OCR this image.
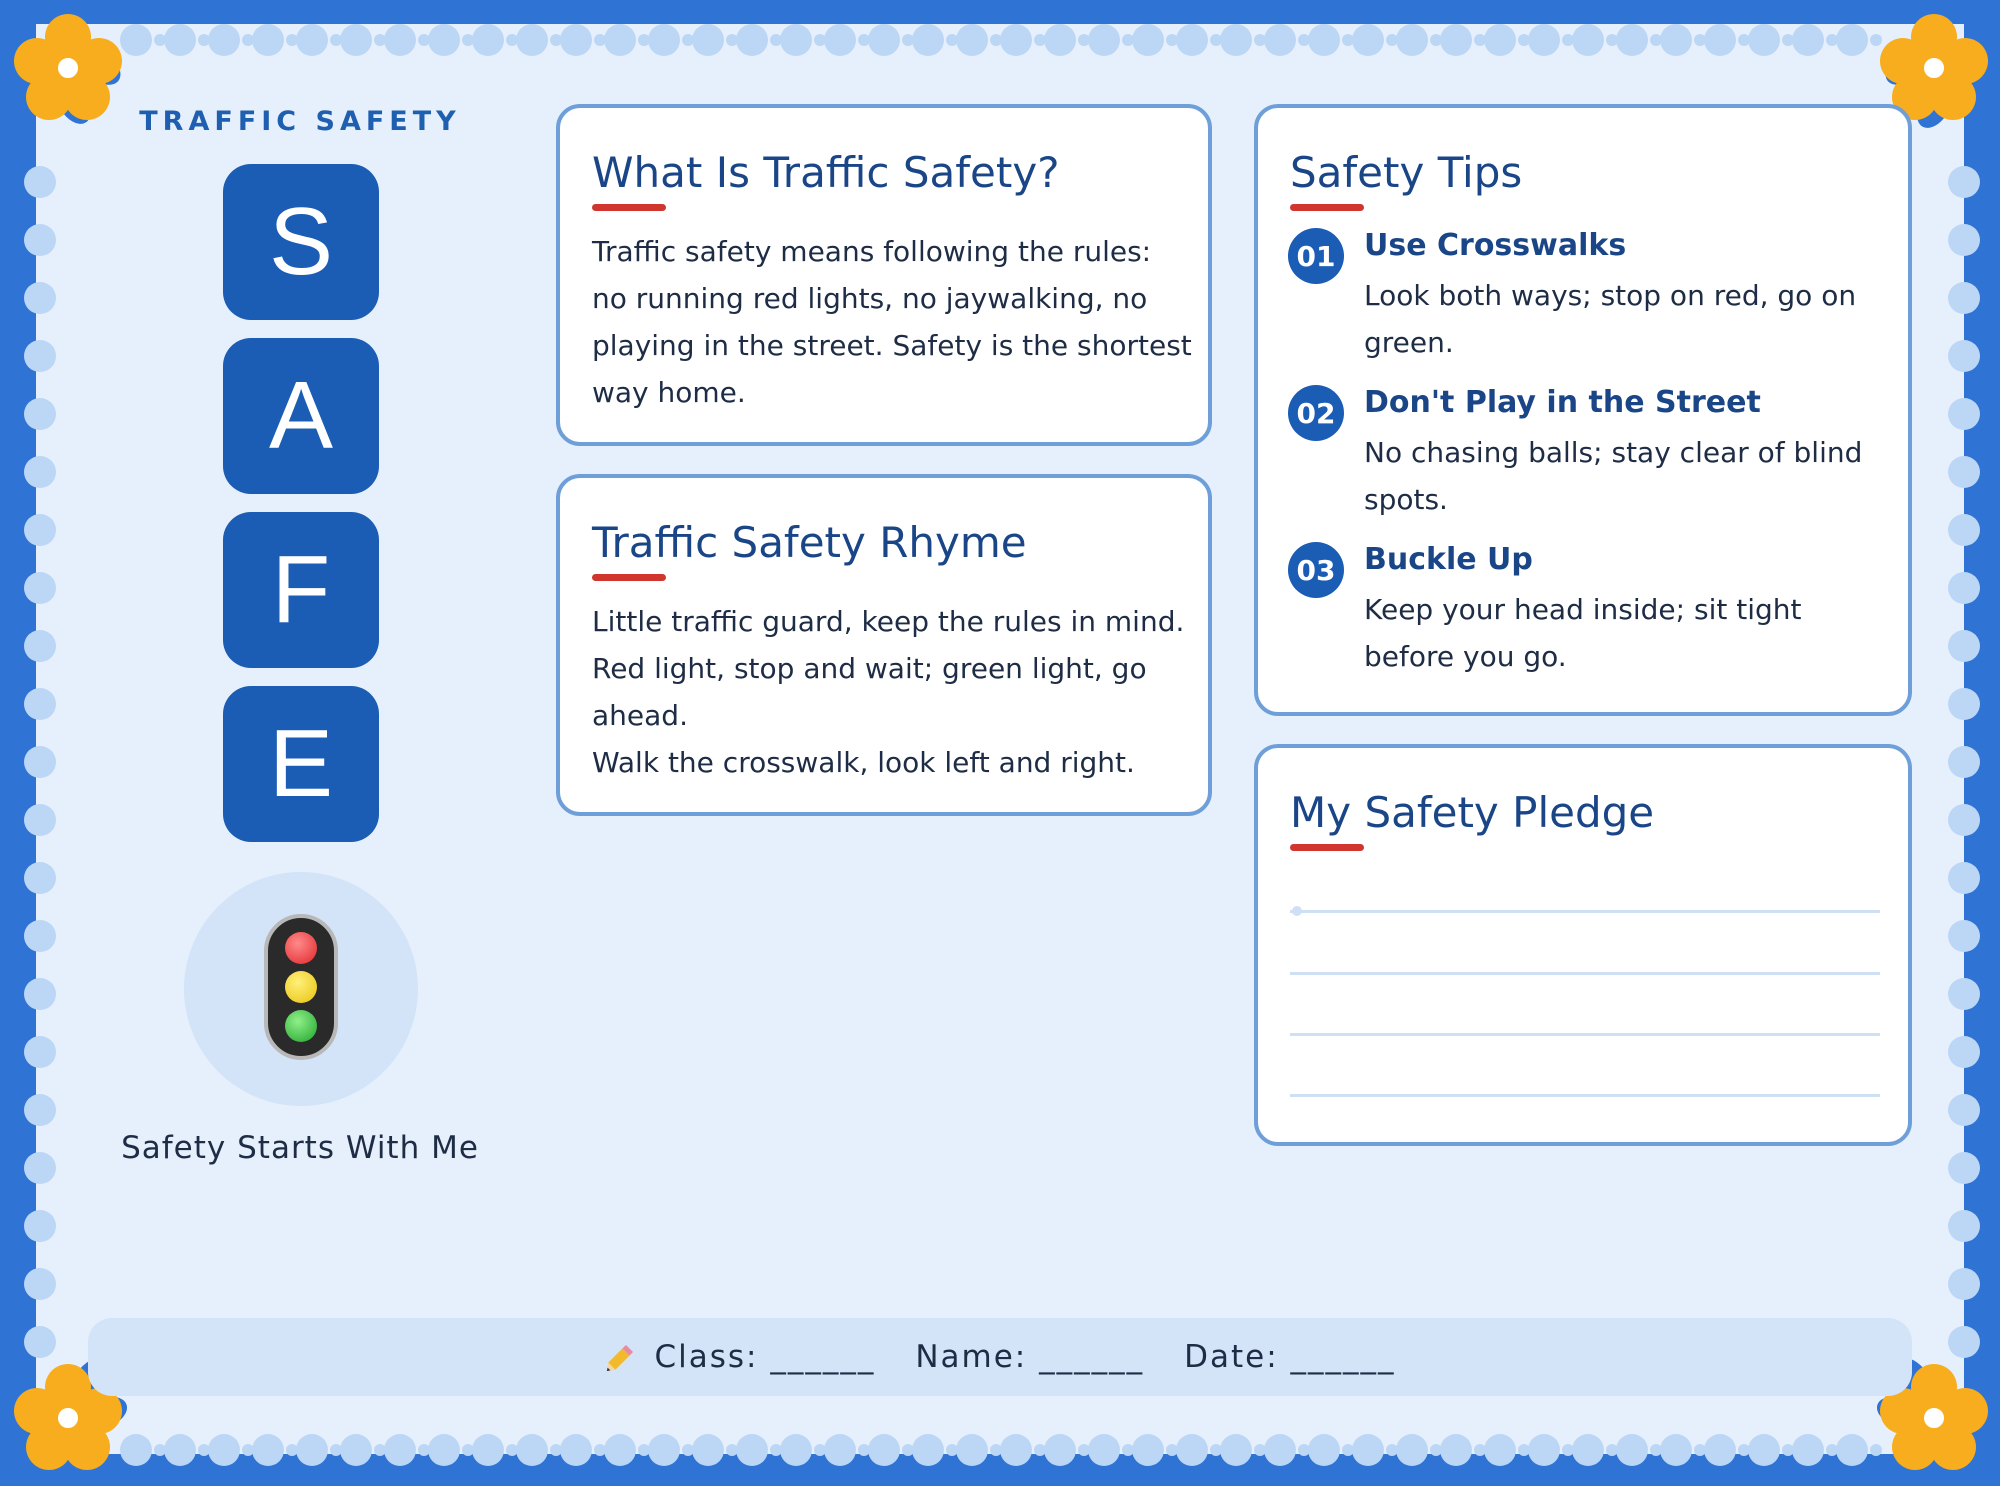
TRAFFIC SAFETY
S
A
F
E
Safety Starts With Me
What Is Traffic Safety?
Traffic safety means following the rules: no running red lights, no jaywalking, no playing in the street. Safety is the shortest way home.
Traffic Safety Rhyme

Little traffic guard, keep the rules in mind.

Red light, stop and wait; green light, go ahead.

Walk the crosswalk, look left and right.

Safety Tips
01 Use Crosswalks
Look both ways; stop on red, go on green.
02 Don't Play in the Street
No chasing balls; stay clear of blind spots.
03 Buckle Up
Keep your head inside; sit tight before you go.
My Safety Pledge
Class: ______ Name: ______ Date: ______
